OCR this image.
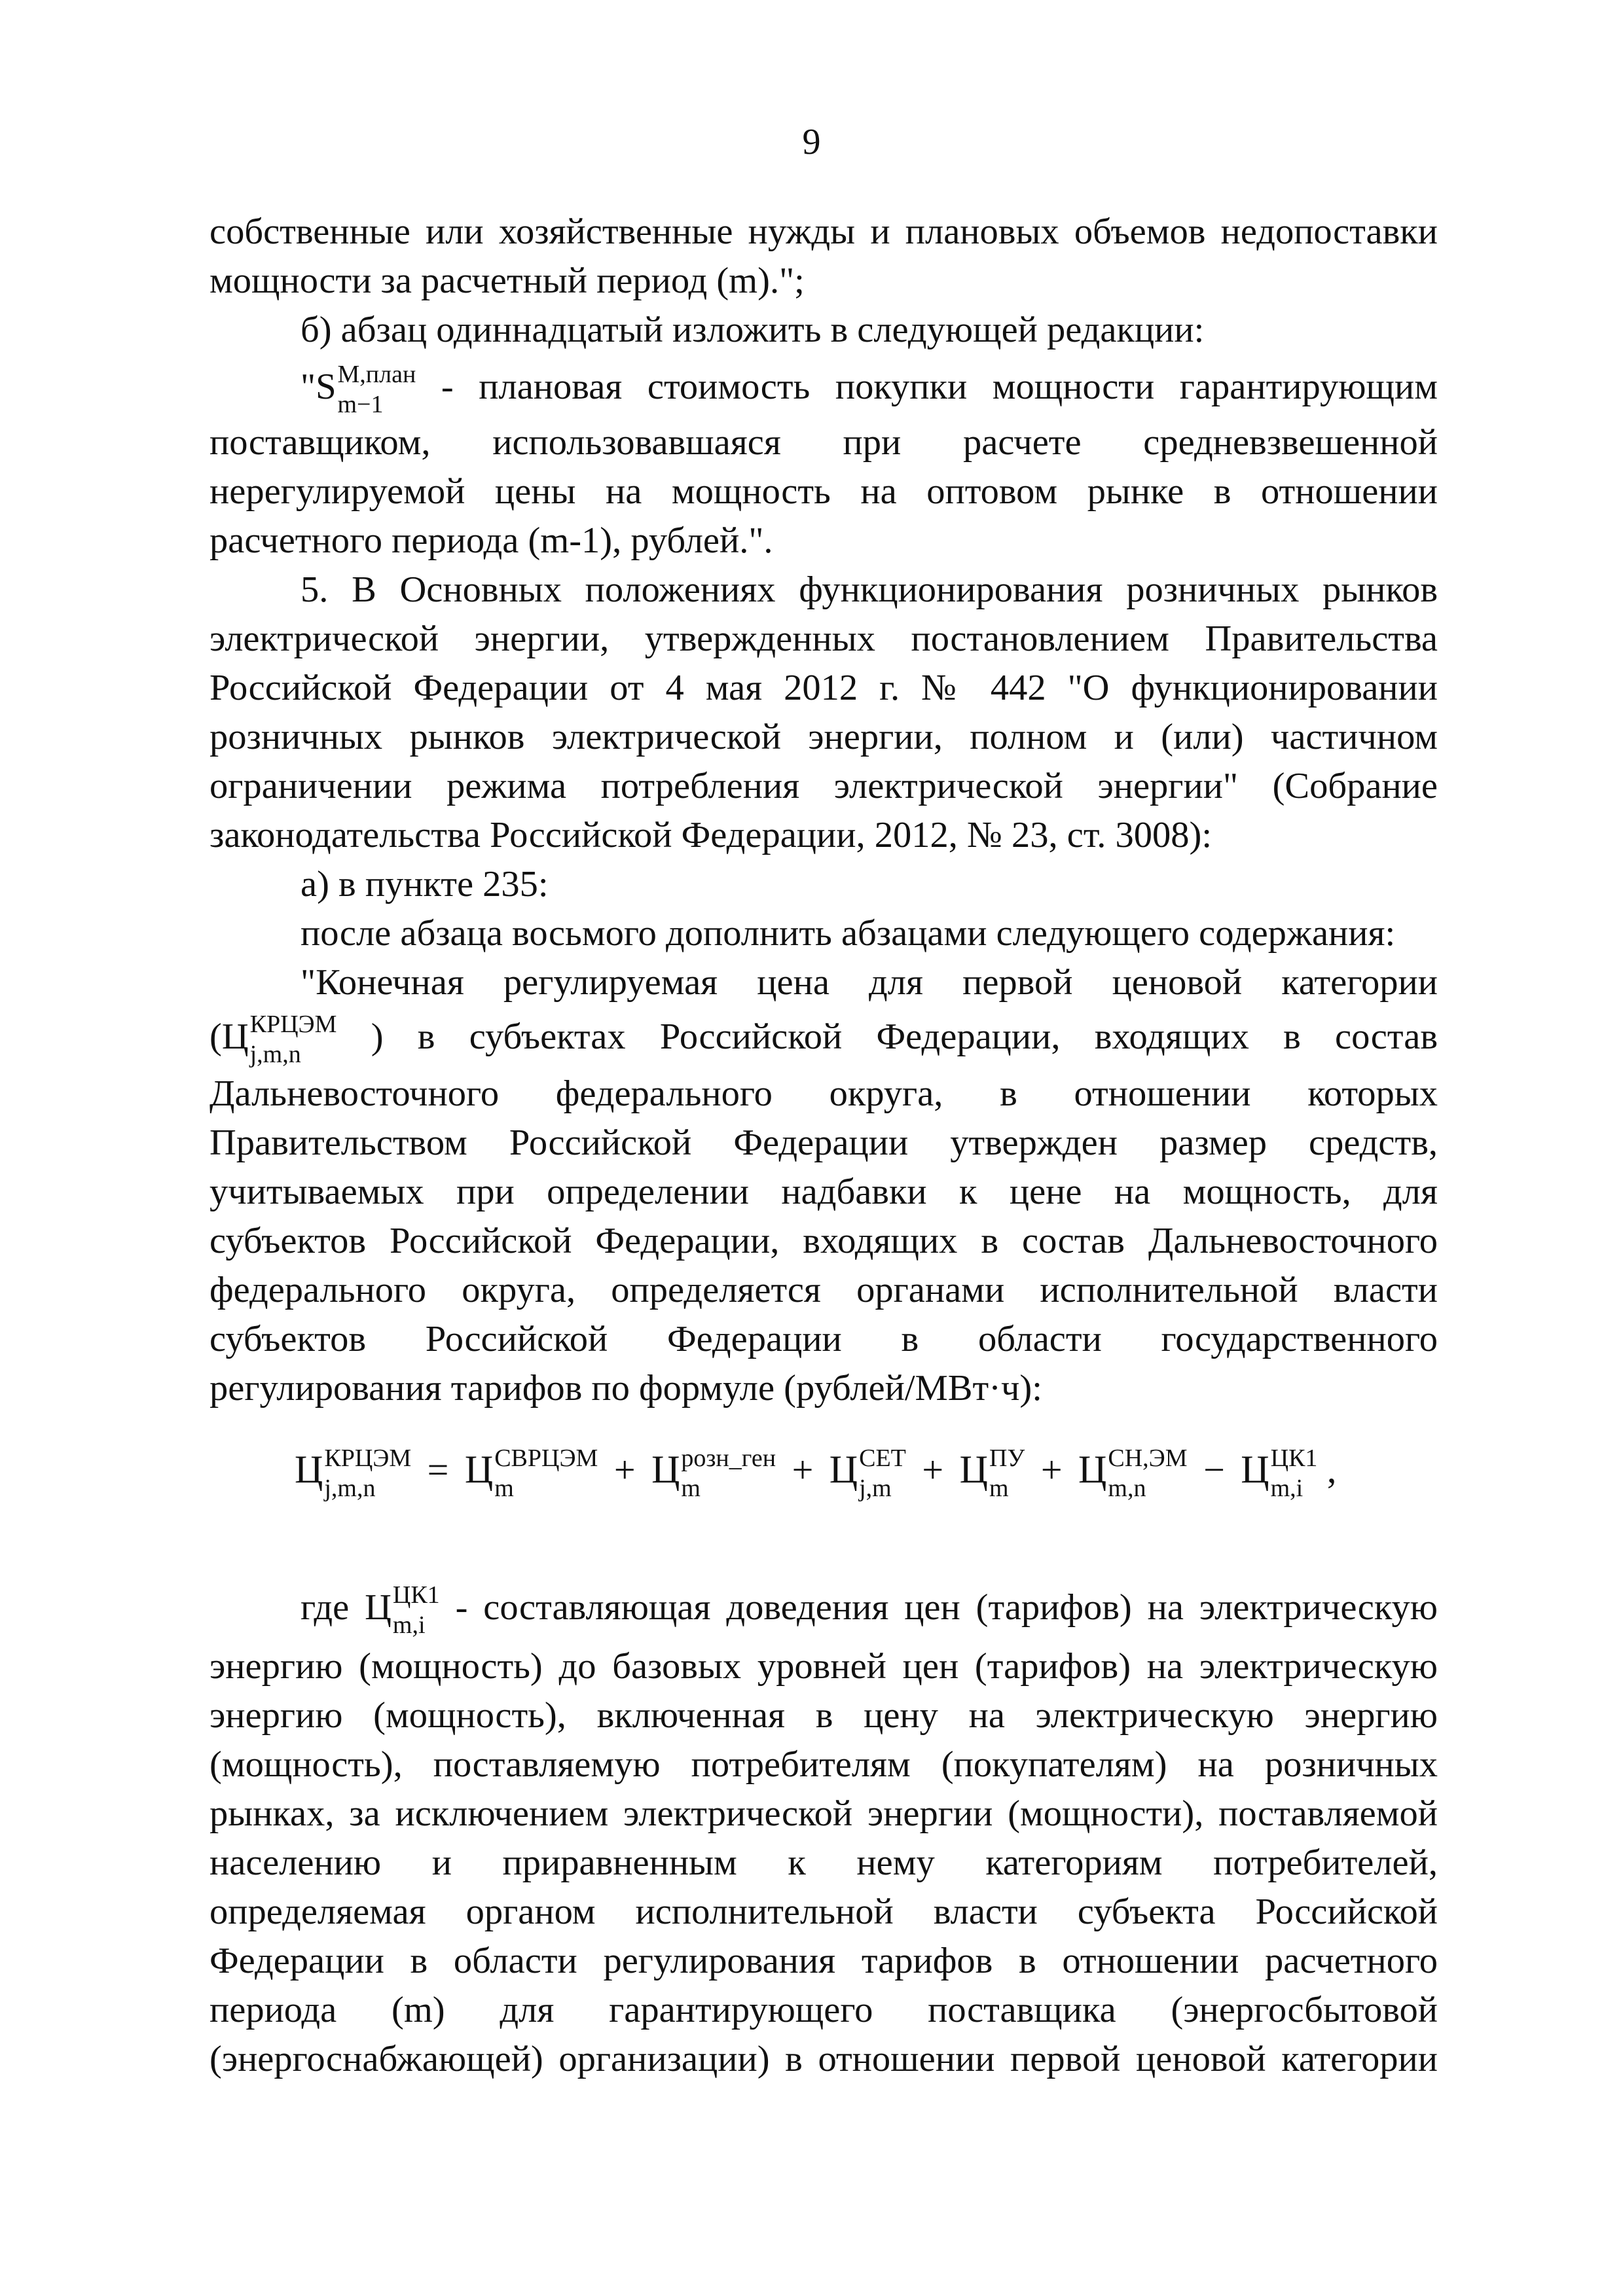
9
собственные или хозяйственные нужды и плановых объемов недопоставки
мощности за расчетный период (m).";
б) абзац одиннадцатый изложить в следующей редакции:
"S М,план
m−1	- плановая стоимость покупки мощности гарантирующим
поставщиком, использовавшаяся при расчете средневзвешенной
нерегулируемой цены на мощность на оптовом рынке в отношении
расчетного периода (m-1), рублей.".
5. В Основных положениях функционирования розничных рынков
электрической энергии, утвержденных постановлением Правительства
Российской Федерации от 4 мая 2012 г. № 442 "О функционировании
розничных рынков электрической энергии, полном и (или) частичном
ограничении режима потребления электрической энергии" (Собрание
законодательства Российской Федерации, 2012, № 23, ст. 3008):
а) в пункте 235:
после абзаца восьмого дополнить абзацами следующего содержания:
"Конечная регулируемая цена для первой ценовой категории
(Ц КРЦЭМ
j,m,n	) в субъектах Российской Федерации, входящих в состав
Дальневосточного федерального округа, в отношении которых
Правительством Российской Федерации утвержден размер средств,
учитываемых при определении надбавки к цене на мощность, для
субъектов Российской Федерации, входящих в состав Дальневосточного
федерального округа, определяется органами исполнительной власти
субъектов Российской Федерации в области государственного
регулирования тарифов по формуле (рублей/МВт·ч):
Ц КРЦЭМ
j,m,n	= Ц СВРЦЭМ
m	+ Ц розн_ген
m	+ Ц СЕТ
j,m + Ц ПУ
m + Ц СН,ЭМ
m,n	− Ц ЦК1
m,i ,
где Ц ЦК1
m,i - составляющая доведения цен (тарифов) на электрическую
энергию (мощность) до базовых уровней цен (тарифов) на электрическую
энергию (мощность), включенная в цену на электрическую энергию
(мощность), поставляемую потребителям (покупателям) на розничных
рынках, за исключением электрической энергии (мощности), поставляемой
населению и приравненным к нему категориям потребителей,
определяемая органом исполнительной власти субъекта Российской
Федерации в области регулирования тарифов в отношении расчетного
периода (m) для гарантирующего поставщика (энергосбытовой
(энергоснабжающей) организации) в отношении первой ценовой категории
